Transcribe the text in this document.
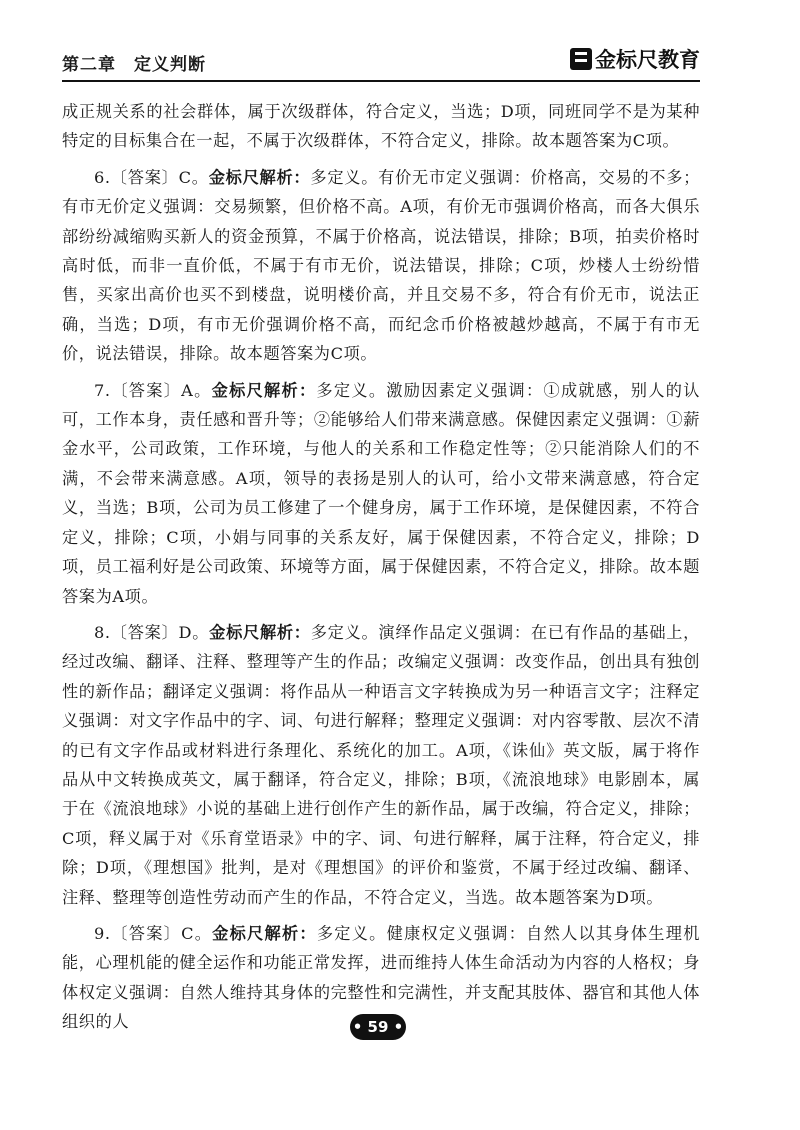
第二章　定义判断	金标尺教育

成正规关系的社会群体，属于次级群体，符合定义，当选；D项，同班同学不是为某种特定的目标集合在一起，不属于次级群体，不符合定义，排除。故本题答案为C项。

6.〔答案〕C。金标尺解析：多定义。有价无市定义强调：价格高，交易的不多；有市无价定义强调：交易频繁，但价格不高。A项，有价无市强调价格高，而各大俱乐部纷纷减缩购买新人的资金预算，不属于价格高，说法错误，排除；B项，拍卖价格时高时低，而非一直价低，不属于有市无价，说法错误，排除；C项，炒楼人士纷纷惜售，买家出高价也买不到楼盘，说明楼价高，并且交易不多，符合有价无市，说法正确，当选；D项，有市无价强调价格不高，而纪念币价格被越炒越高，不属于有市无价，说法错误，排除。故本题答案为C项。

7.〔答案〕A。金标尺解析：多定义。激励因素定义强调：①成就感，别人的认可，工作本身，责任感和晋升等；②能够给人们带来满意感。保健因素定义强调：①薪金水平，公司政策，工作环境，与他人的关系和工作稳定性等；②只能消除人们的不满，不会带来满意感。A项，领导的表扬是别人的认可，给小文带来满意感，符合定义，当选；B项，公司为员工修建了一个健身房，属于工作环境，是保健因素，不符合定义，排除；C项，小娟与同事的关系友好，属于保健因素，不符合定义，排除；D项，员工福利好是公司政策、环境等方面，属于保健因素，不符合定义，排除。故本题答案为A项。

8.〔答案〕D。金标尺解析：多定义。演绎作品定义强调：在已有作品的基础上，经过改编、翻译、注释、整理等产生的作品；改编定义强调：改变作品，创出具有独创性的新作品；翻译定义强调：将作品从一种语言文字转换成为另一种语言文字；注释定义强调：对文字作品中的字、词、句进行解释；整理定义强调：对内容零散、层次不清的已有文字作品或材料进行条理化、系统化的加工。A项，《诛仙》英文版，属于将作品从中文转换成英文，属于翻译，符合定义，排除；B项，《流浪地球》电影剧本，属于在《流浪地球》小说的基础上进行创作产生的新作品，属于改编，符合定义，排除；C项，释义属于对《乐育堂语录》中的字、词、句进行解释，属于注释，符合定义，排除；D项，《理想国》批判，是对《理想国》的评价和鉴赏，不属于经过改编、翻译、注释、整理等创造性劳动而产生的作品，不符合定义，当选。故本题答案为D项。

9.〔答案〕C。金标尺解析：多定义。健康权定义强调：自然人以其身体生理机能，心理机能的健全运作和功能正常发挥，进而维持人体生命活动为内容的人格权；身体权定义强调：自然人维持其身体的完整性和完满性，并支配其肢体、器官和其他人体组织的人	• 59 •
